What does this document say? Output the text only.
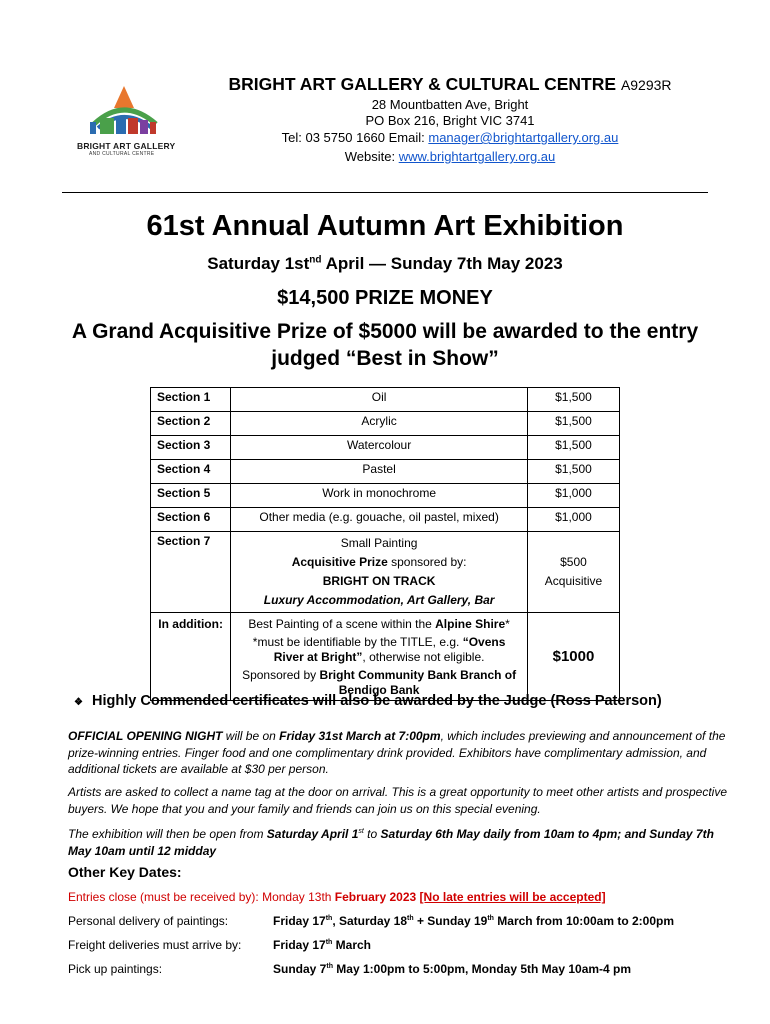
BRIGHT ART GALLERY
AND CULTURAL CENTRE
BRIGHT ART GALLERY & CULTURAL CENTRE A9293R
28 Mountbatten Ave, Bright
PO Box 216, Bright VIC 3741
Tel: 03 5750 1660 Email: manager@brightartgallery.org.au
Website: www.brightartgallery.org.au
61st Annual Autumn Art Exhibition
Saturday $1st^{nd}$ April — Sunday 7th May 2023
$14,500 PRIZE MONEY
A Grand Acquisitive Prize of $5000 will be awarded to the entry judged “Best in Show”
Section 1	Oil	$1,500
Section 2	Acrylic	$1,500
Section 3	Watercolour	$1,500
Section 4	Pastel	$1,500
Section 5	Work in monochrome	$1,000
Section 6	Other media (e.g. gouache, oil pastel, mixed)	$1,000
Section 7	Small Painting
Acquisitive Prize sponsored by:
BRIGHT ON TRACK
Luxury Accommodation, Art Gallery, Bar	$500
Acquisitive

In addition:	Best Painting of a scene within the Alpine Shire*
*must be identifiable by the TITLE, e.g. “Ovens River at Bright”, otherwise not eligible.
Sponsored by Bright Community Bank Branch of Bendigo Bank	$1000
❖ Highly Commended certificates will also be awarded by the Judge (Ross Paterson)
OFFICIAL OPENING NIGHT will be on Friday 31st March at 7:00pm, which includes previewing and announcement of the prize-winning entries. Finger food and one complimentary drink provided. Exhibitors have complimentary admission, and additional tickets are available at $30 per person.
Artists are asked to collect a name tag at the door on arrival. This is a great opportunity to meet other artists and prospective buyers. We hope that you and your family and friends can join us on this special evening.
The exhibition will then be open from Saturday April 1st to Saturday 6th May daily from 10am to 4pm; and Sunday 7th May 10am until 12 midday
Other Key Dates:
Entries close (must be received by): Monday 13th February 2023 [No late entries will be accepted]
Personal delivery of paintings:	Friday 17th, Saturday 18th + Sunday 19th March from 10:00am to 2:00pm
Freight deliveries must arrive by:	Friday 17th March
Pick up paintings:	Sunday 7th May 1:00pm to 5:00pm, Monday 5th May 10am-4 pm
